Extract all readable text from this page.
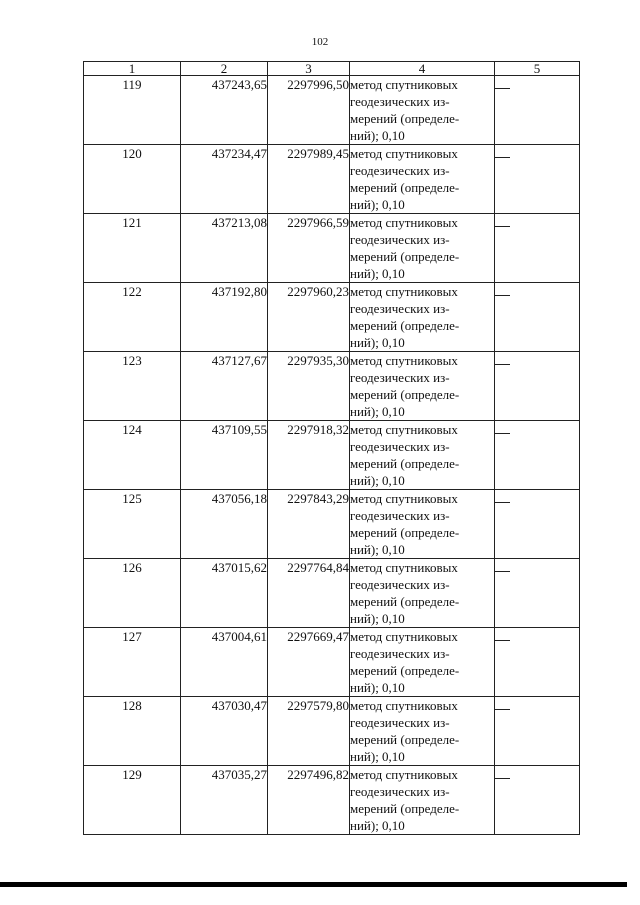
102
1	2	3	4	5
119	437243,65	2297996,50	метод спутниковых
геодезических из-
мерений (определе-
ний); 0,10	

120	437234,47	2297989,45	метод спутниковых
геодезических из-
мерений (определе-
ний); 0,10	

121	437213,08	2297966,59	метод спутниковых
геодезических из-
мерений (определе-
ний); 0,10	

122	437192,80	2297960,23	метод спутниковых
геодезических из-
мерений (определе-
ний); 0,10	

123	437127,67	2297935,30	метод спутниковых
геодезических из-
мерений (определе-
ний); 0,10	

124	437109,55	2297918,32	метод спутниковых
геодезических из-
мерений (определе-
ний); 0,10	

125	437056,18	2297843,29	метод спутниковых
геодезических из-
мерений (определе-
ний); 0,10	

126	437015,62	2297764,84	метод спутниковых
геодезических из-
мерений (определе-
ний); 0,10	

127	437004,61	2297669,47	метод спутниковых
геодезических из-
мерений (определе-
ний); 0,10	

128	437030,47	2297579,80	метод спутниковых
геодезических из-
мерений (определе-
ний); 0,10	

129	437035,27	2297496,82	метод спутниковых
геодезических из-
мерений (определе-
ний); 0,10	
